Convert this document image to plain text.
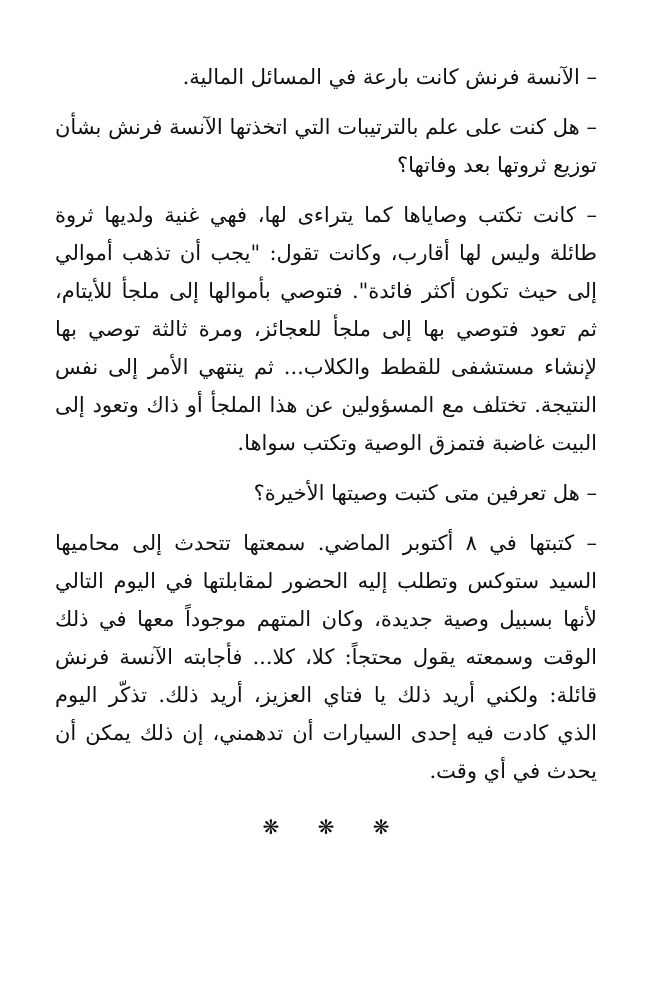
– الآنسة فرنش كانت بارعة في المسائل المالية.

– هل كنت على علم بالترتيبات التي اتخذتها الآنسة فرنش بشأن توزيع ثروتها بعد وفاتها؟

– كانت تكتب وصاياها كما يتراءى لها، فهي غنية ولديها ثروة طائلة وليس لها أقارب، وكانت تقول: "يجب أن تذهب أموالي إلى حيث تكون أكثر فائدة". فتوصي بأموالها إلى ملجأ للأيتام، ثم تعود فتوصي بها إلى ملجأ للعجائز، ومرة ثالثة توصي بها لإنشاء مستشفى للقطط والكلاب... ثم ينتهي الأمر إلى نفس النتيجة. تختلف مع المسؤولين عن هذا الملجأ أو ذاك وتعود إلى البيت غاضبة فتمزق الوصية وتكتب سواها.

– هل تعرفين متى كتبت وصيتها الأخيرة؟

– كتبتها في ٨ أكتوبر الماضي. سمعتها تتحدث إلى محاميها السيد ستوكس وتطلب إليه الحضور لمقابلتها في اليوم التالي لأنها بسبيل وصية جديدة، وكان المتهم موجوداً معها في ذلك الوقت وسمعته يقول محتجاً: كلا، كلا... فأجابته الآنسة فرنش قائلة: ولكني أريد ذلك يا فتاي العزيز، أريد ذلك. تذكّر اليوم الذي كادت فيه إحدى السيارات أن تدهمني، إن ذلك يمكن أن يحدث في أي وقت.

❋ ❋ ❋
